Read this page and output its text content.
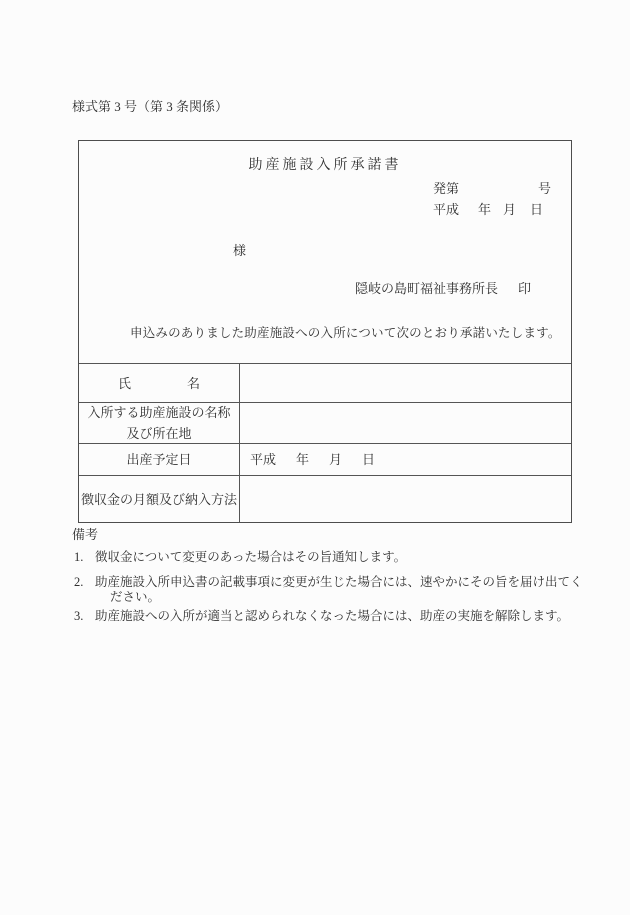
様式第 3 号（第 3 条関係）
助産施設入所承諾書
発第	号
平成 年 月 日
様
隠岐の島町福祉事務所長 印
申込みのありました助産施設への入所について次のとおり承諾いたします。
氏	名
入所する助産施設の名称
及び所在地
出産予定日	平成 年 月 日
徴収金の月額及び納入方法
備考
1. 徴収金について変更のあった場合はその旨通知します。
2. 助産施設入所申込書の記載事項に変更が生じた場合には、速やかにその旨を届け出てく
ださい。
3. 助産施設への入所が適当と認められなくなった場合には、助産の実施を解除します。
